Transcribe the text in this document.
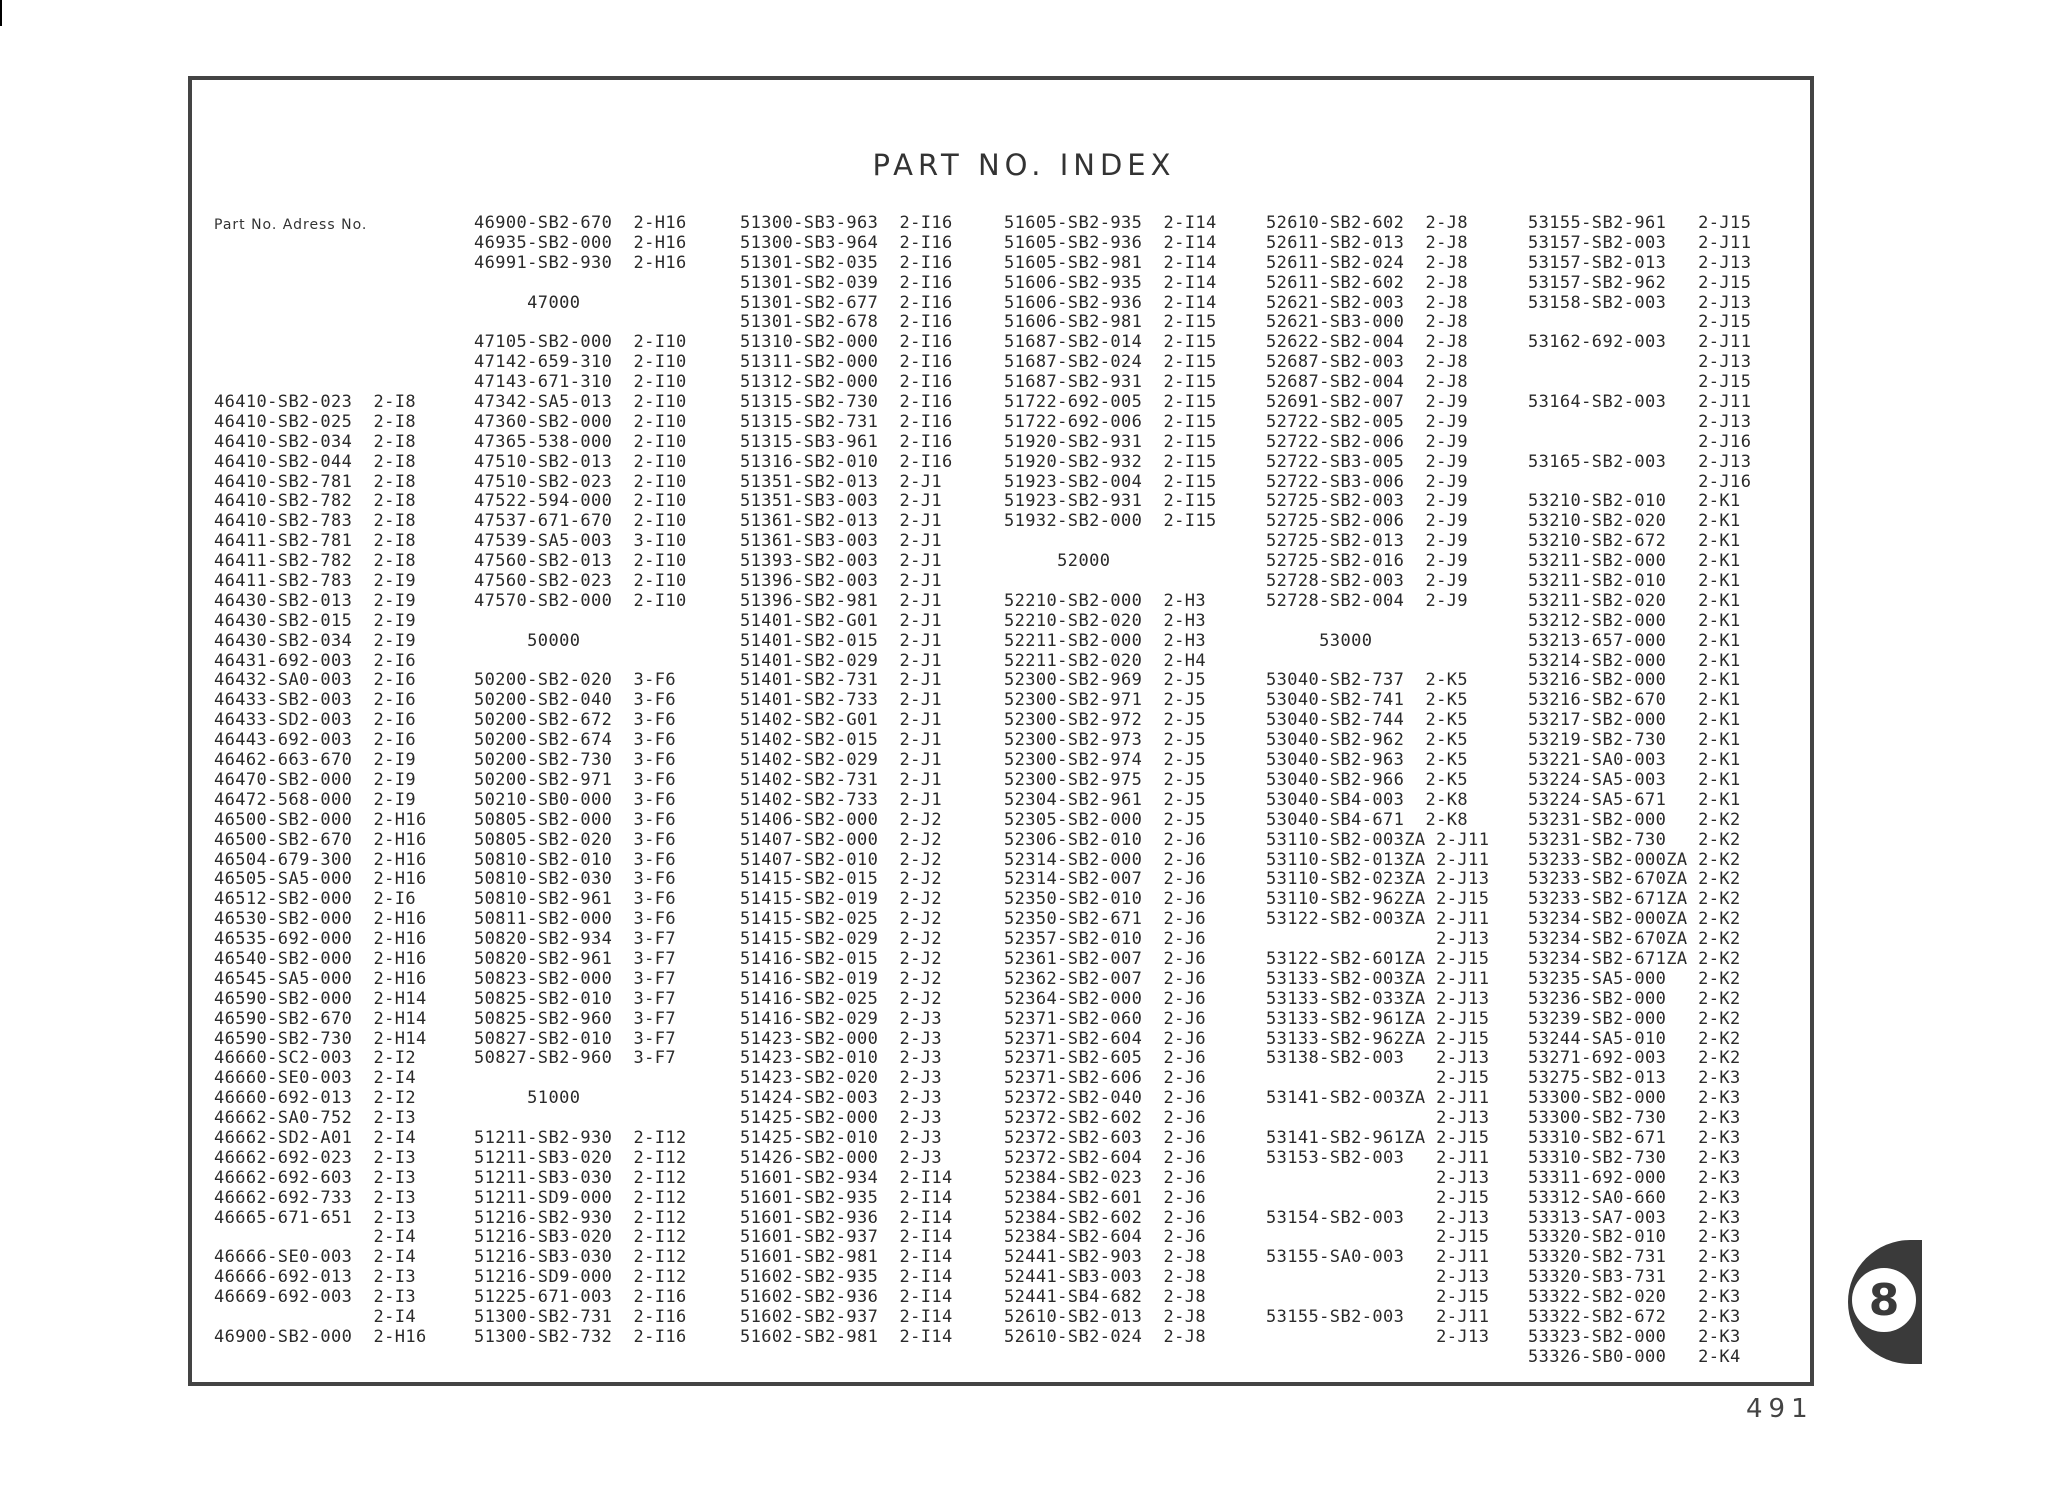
PART NO. INDEX
Part No. Adress No.
46410-SB2-023  2-I8
46410-SB2-025  2-I8
46410-SB2-034  2-I8
46410-SB2-044  2-I8
46410-SB2-781  2-I8
46410-SB2-782  2-I8
46410-SB2-783  2-I8
46411-SB2-781  2-I8
46411-SB2-782  2-I8
46411-SB2-783  2-I9
46430-SB2-013  2-I9
46430-SB2-015  2-I9
46430-SB2-034  2-I9
46431-692-003  2-I6
46432-SA0-003  2-I6
46433-SB2-003  2-I6
46433-SD2-003  2-I6
46443-692-003  2-I6
46462-663-670  2-I9
46470-SB2-000  2-I9
46472-568-000  2-I9
46500-SB2-000  2-H16
46500-SB2-670  2-H16
46504-679-300  2-H16
46505-SA5-000  2-H16
46512-SB2-000  2-I6
46530-SB2-000  2-H16
46535-692-000  2-H16
46540-SB2-000  2-H16
46545-SA5-000  2-H16
46590-SB2-000  2-H14
46590-SB2-670  2-H14
46590-SB2-730  2-H14
46660-SC2-003  2-I2
46660-SE0-003  2-I4
46660-692-013  2-I2
46662-SA0-752  2-I3
46662-SD2-A01  2-I4
46662-692-023  2-I3
46662-692-603  2-I3
46662-692-733  2-I3
46665-671-651  2-I3
2-I4
46666-SE0-003  2-I4
46666-692-013  2-I3
46669-692-003  2-I3
2-I4
46900-SB2-000  2-H16
46900-SB2-670  2-H16
46935-SB2-000  2-H16
46991-SB2-930  2-H16
47000
47105-SB2-000  2-I10
47142-659-310  2-I10
47143-671-310  2-I10
47342-SA5-013  2-I10
47360-SB2-000  2-I10
47365-538-000  2-I10
47510-SB2-013  2-I10
47510-SB2-023  2-I10
47522-594-000  2-I10
47537-671-670  2-I10
47539-SA5-003  3-I10
47560-SB2-013  2-I10
47560-SB2-023  2-I10
47570-SB2-000  2-I10
50000
50200-SB2-020  3-F6
50200-SB2-040  3-F6
50200-SB2-672  3-F6
50200-SB2-674  3-F6
50200-SB2-730  3-F6
50200-SB2-971  3-F6
50210-SB0-000  3-F6
50805-SB2-000  3-F6
50805-SB2-020  3-F6
50810-SB2-010  3-F6
50810-SB2-030  3-F6
50810-SB2-961  3-F6
50811-SB2-000  3-F6
50820-SB2-934  3-F7
50820-SB2-961  3-F7
50823-SB2-000  3-F7
50825-SB2-010  3-F7
50825-SB2-960  3-F7
50827-SB2-010  3-F7
50827-SB2-960  3-F7
51000
51211-SB2-930  2-I12
51211-SB3-020  2-I12
51211-SB3-030  2-I12
51211-SD9-000  2-I12
51216-SB2-930  2-I12
51216-SB3-020  2-I12
51216-SB3-030  2-I12
51216-SD9-000  2-I12
51225-671-003  2-I16
51300-SB2-731  2-I16
51300-SB2-732  2-I16
51300-SB3-963  2-I16
51300-SB3-964  2-I16
51301-SB2-035  2-I16
51301-SB2-039  2-I16
51301-SB2-677  2-I16
51301-SB2-678  2-I16
51310-SB2-000  2-I16
51311-SB2-000  2-I16
51312-SB2-000  2-I16
51315-SB2-730  2-I16
51315-SB2-731  2-I16
51315-SB3-961  2-I16
51316-SB2-010  2-I16
51351-SB2-013  2-J1
51351-SB3-003  2-J1
51361-SB2-013  2-J1
51361-SB3-003  2-J1
51393-SB2-003  2-J1
51396-SB2-003  2-J1
51396-SB2-981  2-J1
51401-SB2-G01  2-J1
51401-SB2-015  2-J1
51401-SB2-029  2-J1
51401-SB2-731  2-J1
51401-SB2-733  2-J1
51402-SB2-G01  2-J1
51402-SB2-015  2-J1
51402-SB2-029  2-J1
51402-SB2-731  2-J1
51402-SB2-733  2-J1
51406-SB2-000  2-J2
51407-SB2-000  2-J2
51407-SB2-010  2-J2
51415-SB2-015  2-J2
51415-SB2-019  2-J2
51415-SB2-025  2-J2
51415-SB2-029  2-J2
51416-SB2-015  2-J2
51416-SB2-019  2-J2
51416-SB2-025  2-J2
51416-SB2-029  2-J3
51423-SB2-000  2-J3
51423-SB2-010  2-J3
51423-SB2-020  2-J3
51424-SB2-003  2-J3
51425-SB2-000  2-J3
51425-SB2-010  2-J3
51426-SB2-000  2-J3
51601-SB2-934  2-I14
51601-SB2-935  2-I14
51601-SB2-936  2-I14
51601-SB2-937  2-I14
51601-SB2-981  2-I14
51602-SB2-935  2-I14
51602-SB2-936  2-I14
51602-SB2-937  2-I14
51602-SB2-981  2-I14
51605-SB2-935  2-I14
51605-SB2-936  2-I14
51605-SB2-981  2-I14
51606-SB2-935  2-I14
51606-SB2-936  2-I14
51606-SB2-981  2-I15
51687-SB2-014  2-I15
51687-SB2-024  2-I15
51687-SB2-931  2-I15
51722-692-005  2-I15
51722-692-006  2-I15
51920-SB2-931  2-I15
51920-SB2-932  2-I15
51923-SB2-004  2-I15
51923-SB2-931  2-I15
51932-SB2-000  2-I15
52000
52210-SB2-000  2-H3
52210-SB2-020  2-H3
52211-SB2-000  2-H3
52211-SB2-020  2-H4
52300-SB2-969  2-J5
52300-SB2-971  2-J5
52300-SB2-972  2-J5
52300-SB2-973  2-J5
52300-SB2-974  2-J5
52300-SB2-975  2-J5
52304-SB2-961  2-J5
52305-SB2-000  2-J5
52306-SB2-010  2-J6
52314-SB2-000  2-J6
52314-SB2-007  2-J6
52350-SB2-010  2-J6
52350-SB2-671  2-J6
52357-SB2-010  2-J6
52361-SB2-007  2-J6
52362-SB2-007  2-J6
52364-SB2-000  2-J6
52371-SB2-060  2-J6
52371-SB2-604  2-J6
52371-SB2-605  2-J6
52371-SB2-606  2-J6
52372-SB2-040  2-J6
52372-SB2-602  2-J6
52372-SB2-603  2-J6
52372-SB2-604  2-J6
52384-SB2-023  2-J6
52384-SB2-601  2-J6
52384-SB2-602  2-J6
52384-SB2-604  2-J6
52441-SB2-903  2-J8
52441-SB3-003  2-J8
52441-SB4-682  2-J8
52610-SB2-013  2-J8
52610-SB2-024  2-J8
52610-SB2-602  2-J8
52611-SB2-013  2-J8
52611-SB2-024  2-J8
52611-SB2-602  2-J8
52621-SB2-003  2-J8
52621-SB3-000  2-J8
52622-SB2-004  2-J8
52687-SB2-003  2-J8
52687-SB2-004  2-J8
52691-SB2-007  2-J9
52722-SB2-005  2-J9
52722-SB2-006  2-J9
52722-SB3-005  2-J9
52722-SB3-006  2-J9
52725-SB2-003  2-J9
52725-SB2-006  2-J9
52725-SB2-013  2-J9
52725-SB2-016  2-J9
52728-SB2-003  2-J9
52728-SB2-004  2-J9
53000
53040-SB2-737  2-K5
53040-SB2-741  2-K5
53040-SB2-744  2-K5
53040-SB2-962  2-K5
53040-SB2-963  2-K5
53040-SB2-966  2-K5
53040-SB4-003  2-K8
53040-SB4-671  2-K8
53110-SB2-003ZA 2-J11
53110-SB2-013ZA 2-J11
53110-SB2-023ZA 2-J13
53110-SB2-962ZA 2-J15
53122-SB2-003ZA 2-J11
2-J13
53122-SB2-601ZA 2-J15
53133-SB2-003ZA 2-J11
53133-SB2-033ZA 2-J13
53133-SB2-961ZA 2-J15
53133-SB2-962ZA 2-J15
53138-SB2-003   2-J13
2-J15
53141-SB2-003ZA 2-J11
2-J13
53141-SB2-961ZA 2-J15
53153-SB2-003   2-J11
2-J13
2-J15
53154-SB2-003   2-J13
2-J15
53155-SA0-003   2-J11
2-J13
2-J15
53155-SB2-003   2-J11
2-J13
53155-SB2-961   2-J15
53157-SB2-003   2-J11
53157-SB2-013   2-J13
53157-SB2-962   2-J15
53158-SB2-003   2-J13
2-J15
53162-692-003   2-J11
2-J13
2-J15
53164-SB2-003   2-J11
2-J13
2-J16
53165-SB2-003   2-J13
2-J16
53210-SB2-010   2-K1
53210-SB2-020   2-K1
53210-SB2-672   2-K1
53211-SB2-000   2-K1
53211-SB2-010   2-K1
53211-SB2-020   2-K1
53212-SB2-000   2-K1
53213-657-000   2-K1
53214-SB2-000   2-K1
53216-SB2-000   2-K1
53216-SB2-670   2-K1
53217-SB2-000   2-K1
53219-SB2-730   2-K1
53221-SA0-003   2-K1
53224-SA5-003   2-K1
53224-SA5-671   2-K1
53231-SB2-000   2-K2
53231-SB2-730   2-K2
53233-SB2-000ZA 2-K2
53233-SB2-670ZA 2-K2
53233-SB2-671ZA 2-K2
53234-SB2-000ZA 2-K2
53234-SB2-670ZA 2-K2
53234-SB2-671ZA 2-K2
53235-SA5-000   2-K2
53236-SB2-000   2-K2
53239-SB2-000   2-K2
53244-SA5-010   2-K2
53271-692-003   2-K2
53275-SB2-013   2-K3
53300-SB2-000   2-K3
53300-SB2-730   2-K3
53310-SB2-671   2-K3
53310-SB2-730   2-K3
53311-692-000   2-K3
53312-SA0-660   2-K3
53313-SA7-003   2-K3
53320-SB2-010   2-K3
53320-SB2-731   2-K3
53320-SB3-731   2-K3
53322-SB2-020   2-K3
53322-SB2-672   2-K3
53323-SB2-000   2-K3
53326-SB0-000   2-K4
8
491
